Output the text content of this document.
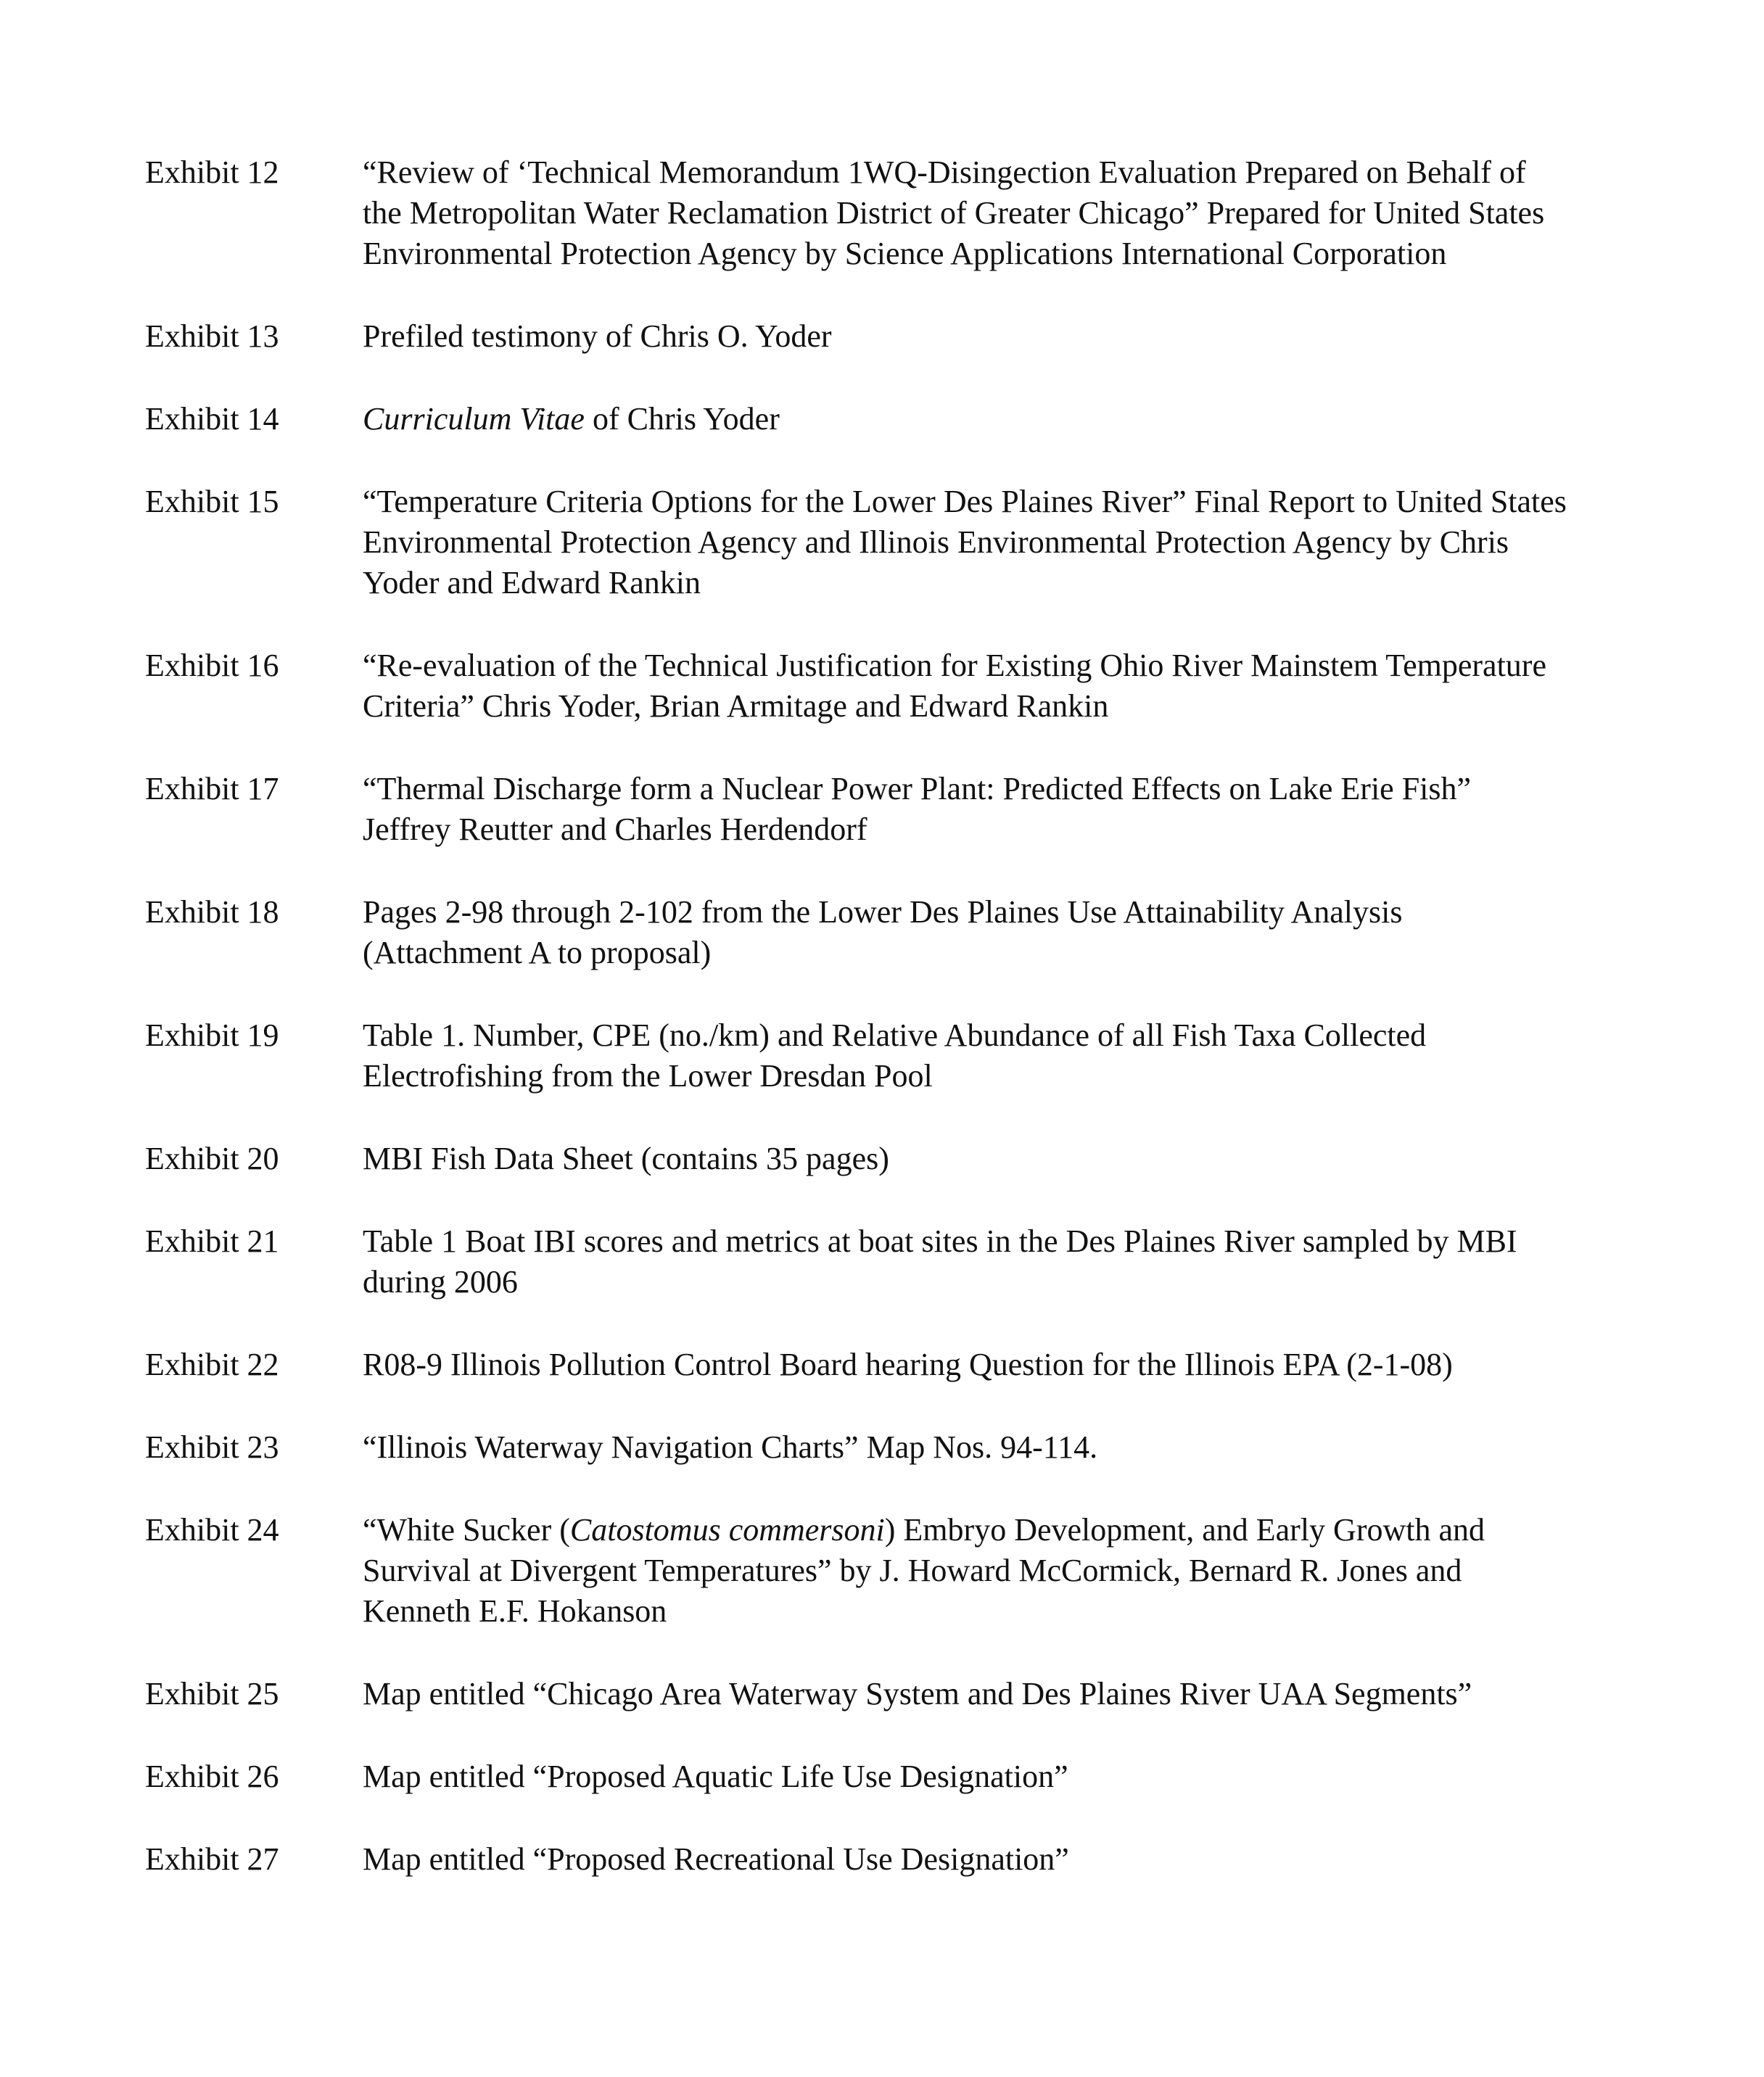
Exhibit 12	“Review of ‘Technical Memorandum 1WQ-Disingection Evaluation Prepared on Behalf of the Metropolitan Water Reclamation District of Greater Chicago” Prepared for United States Environmental Protection Agency by Science Applications International Corporation
Exhibit 13	Prefiled testimony of Chris O. Yoder
Exhibit 14	Curriculum Vitae of Chris Yoder
Exhibit 15	“Temperature Criteria Options for the Lower Des Plaines River” Final Report to United States Environmental Protection Agency and Illinois Environmental Protection Agency by Chris Yoder and Edward Rankin
Exhibit 16	“Re-evaluation of the Technical Justification for Existing Ohio River Mainstem Temperature Criteria” Chris Yoder, Brian Armitage and Edward Rankin
Exhibit 17	“Thermal Discharge form a Nuclear Power Plant: Predicted Effects on Lake Erie Fish” Jeffrey Reutter and Charles Herdendorf
Exhibit 18	Pages 2-98 through 2-102 from the Lower Des Plaines Use Attainability Analysis (Attachment A to proposal)
Exhibit 19	Table 1. Number, CPE (no./km) and Relative Abundance of all Fish Taxa Collected Electrofishing from the Lower Dresdan Pool
Exhibit 20	MBI Fish Data Sheet (contains 35 pages)
Exhibit 21	Table 1 Boat IBI scores and metrics at boat sites in the Des Plaines River sampled by MBI during 2006
Exhibit 22	R08-9 Illinois Pollution Control Board hearing Question for the Illinois EPA (2-1-08)
Exhibit 23	“Illinois Waterway Navigation Charts” Map Nos. 94-114.
Exhibit 24	“White Sucker (Catostomus commersoni) Embryo Development, and Early Growth and Survival at Divergent Temperatures” by J. Howard McCormick, Bernard R. Jones and Kenneth E.F. Hokanson
Exhibit 25	Map entitled “Chicago Area Waterway System and Des Plaines River UAA Segments”
Exhibit 26	Map entitled “Proposed Aquatic Life Use Designation”
Exhibit 27	Map entitled “Proposed Recreational Use Designation”
